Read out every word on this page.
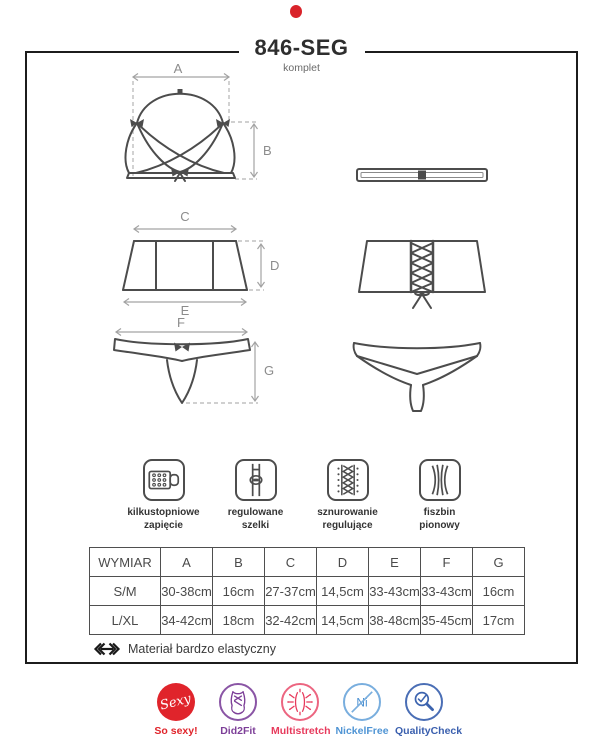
846-SEG
komplet
A
B
C
E
D
F
G
kilkustopniowe
zapięcie
regulowane
szelki
sznurowanie
regulujące
fiszbin
pionowy
WYMIAR	A	B	C	D	E	F	G
S/M	30-38cm	16cm	27-37cm	14,5cm	33-43cm	33-43cm	16cm
L/XL	34-42cm	18cm	32-42cm	14,5cm	38-48cm	35-45cm	17cm
Materiał bardzo elastyczny
Sexy
So sexy!	Did2Fit	Multistretch
Ni
NickelFree QualityCheck
